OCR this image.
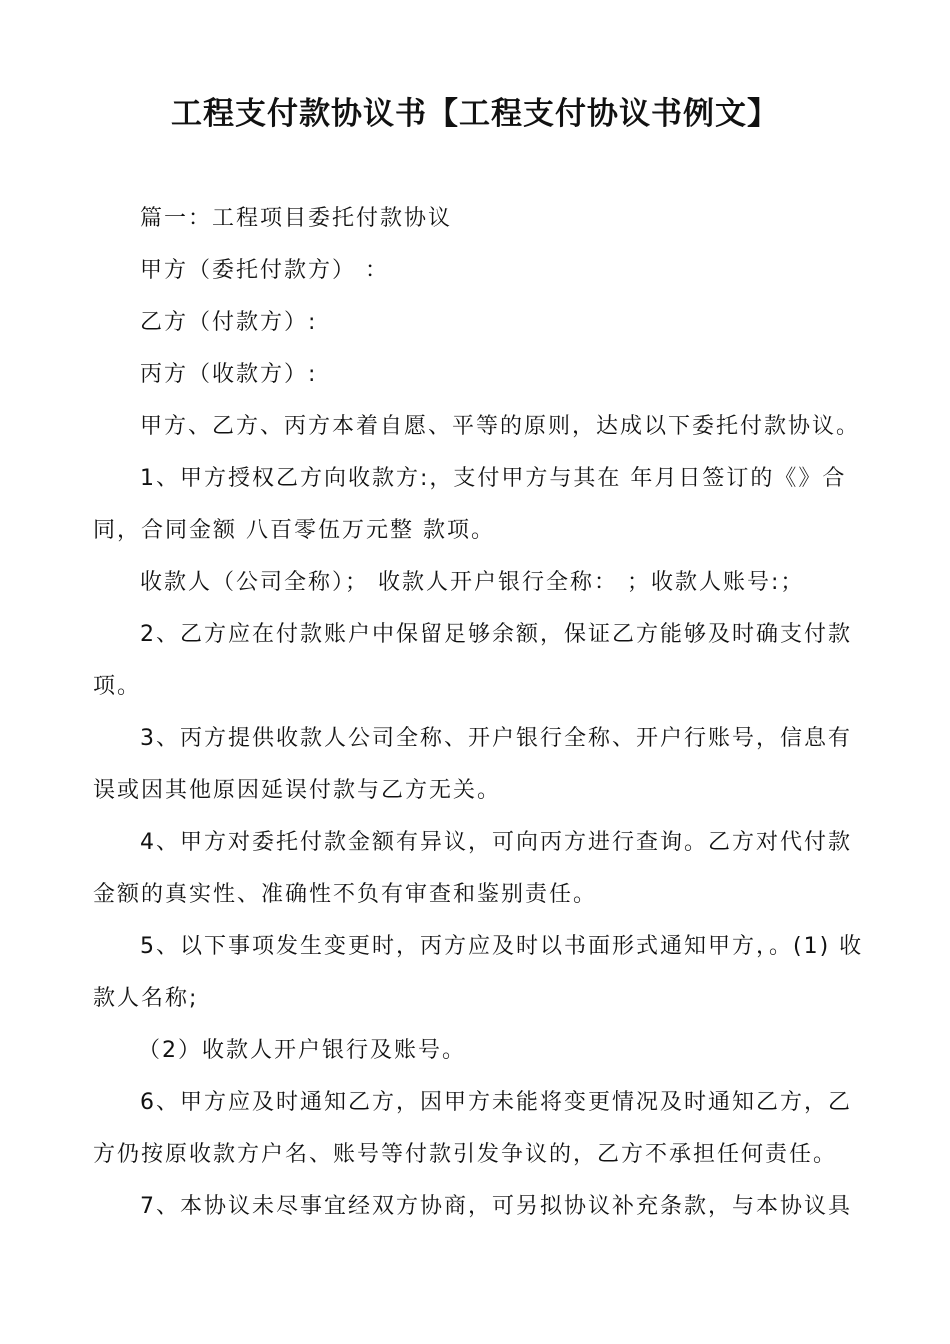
工程支付款协议书【工程支付协议书例文】

篇一：工程项目委托付款协议

甲方（委托付款方） ：

乙方（付款方）:

丙方（收款方）:

甲方、乙方、丙方本着自愿、平等的原则，达成以下委托付款协议。

1、甲方授权乙方向收款方:，支付甲方与其在 年月日签订的《》合

同，合同金额 八百零伍万元整 款项。

收款人（公司全称）； 收款人开户银行全称： ；收款人账号:；

2、乙方应在付款账户中保留足够余额，保证乙方能够及时确支付款

项。

3、丙方提供收款人公司全称、开户银行全称、开户行账号，信息有

误或因其他原因延误付款与乙方无关。

4、甲方对委托付款金额有异议，可向丙方进行查询。乙方对代付款

金额的真实性、准确性不负有审查和鉴别责任。

5、以下事项发生变更时，丙方应及时以书面形式通知甲方，。(1) 收

款人名称;

（2）收款人开户银行及账号。

6、甲方应及时通知乙方，因甲方未能将变更情况及时通知乙方，乙

方仍按原收款方户名、账号等付款引发争议的，乙方不承担任何责任。

7、本协议未尽事宜经双方协商，可另拟协议补充条款，与本协议具
